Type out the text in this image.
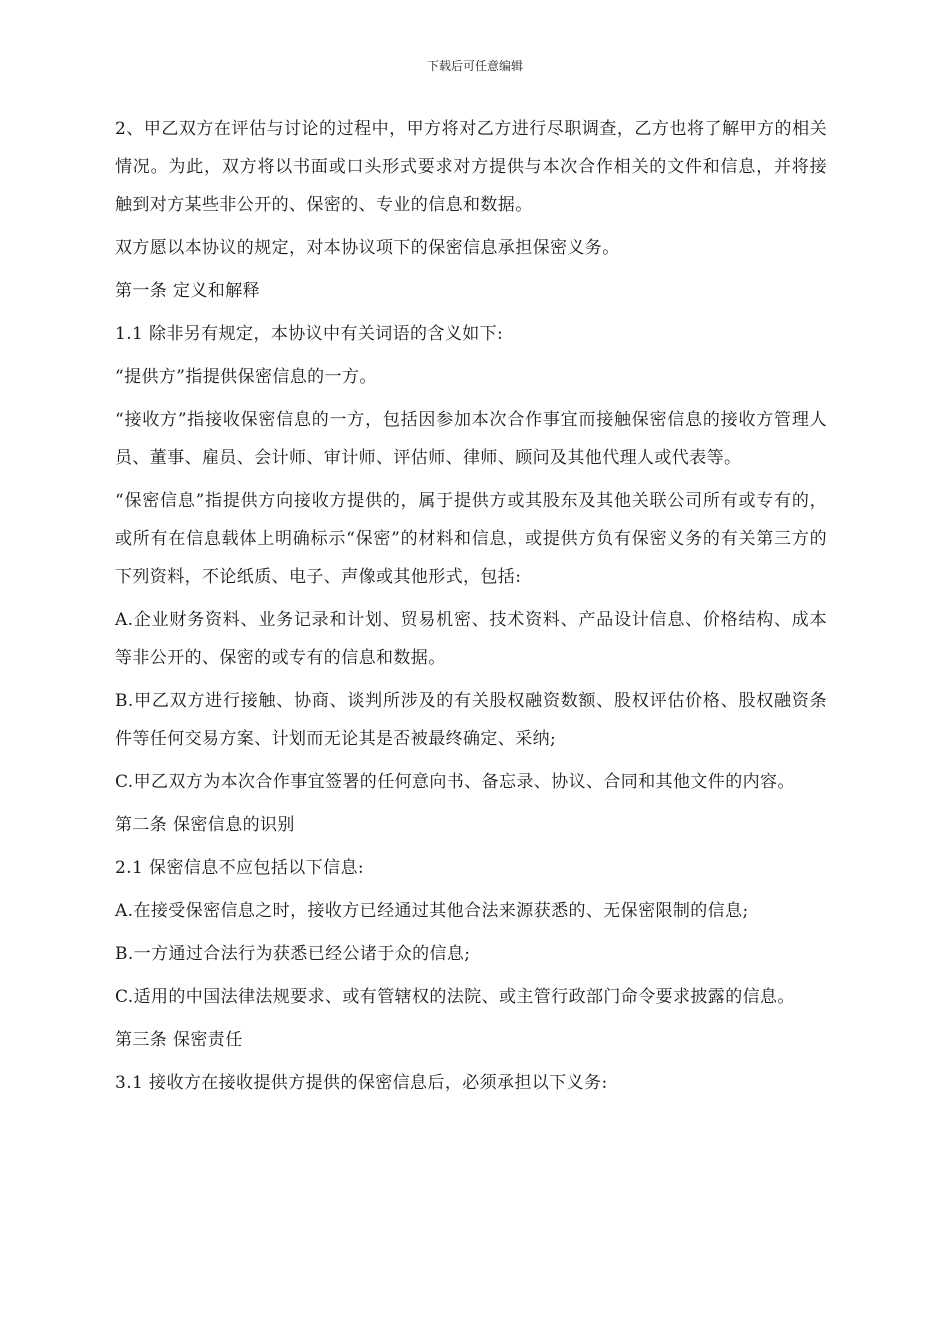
下载后可任意编辑

2、甲乙双方在评估与讨论的过程中，甲方将对乙方进行尽职调查，乙方也将了解甲方的相关情况。为此，双方将以书面或口头形式要求对方提供与本次合作相关的文件和信息，并将接触到对方某些非公开的、保密的、专业的信息和数据。

双方愿以本协议的规定，对本协议项下的保密信息承担保密义务。

第一条 定义和解释

1.1 除非另有规定，本协议中有关词语的含义如下:

“提供方”指提供保密信息的一方。

“接收方”指接收保密信息的一方，包括因参加本次合作事宜而接触保密信息的接收方管理人员、董事、雇员、会计师、审计师、评估师、律师、顾问及其他代理人或代表等。

“保密信息”指提供方向接收方提供的，属于提供方或其股东及其他关联公司所有或专有的，或所有在信息载体上明确标示“保密”的材料和信息，或提供方负有保密义务的有关第三方的下列资料，不论纸质、电子、声像或其他形式，包括:

A.企业财务资料、业务记录和计划、贸易机密、技术资料、产品设计信息、价格结构、成本等非公开的、保密的或专有的信息和数据。

B.甲乙双方进行接触、协商、谈判所涉及的有关股权融资数额、股权评估价格、股权融资条件等任何交易方案、计划而无论其是否被最终确定、采纳;

C.甲乙双方为本次合作事宜签署的任何意向书、备忘录、协议、合同和其他文件的内容。

第二条 保密信息的识别

2.1 保密信息不应包括以下信息:

A.在接受保密信息之时，接收方已经通过其他合法来源获悉的、无保密限制的信息;

B.一方通过合法行为获悉已经公诸于众的信息;

C.适用的中国法律法规要求、或有管辖权的法院、或主管行政部门命令要求披露的信息。

第三条 保密责任

3.1 接收方在接收提供方提供的保密信息后，必须承担以下义务:
